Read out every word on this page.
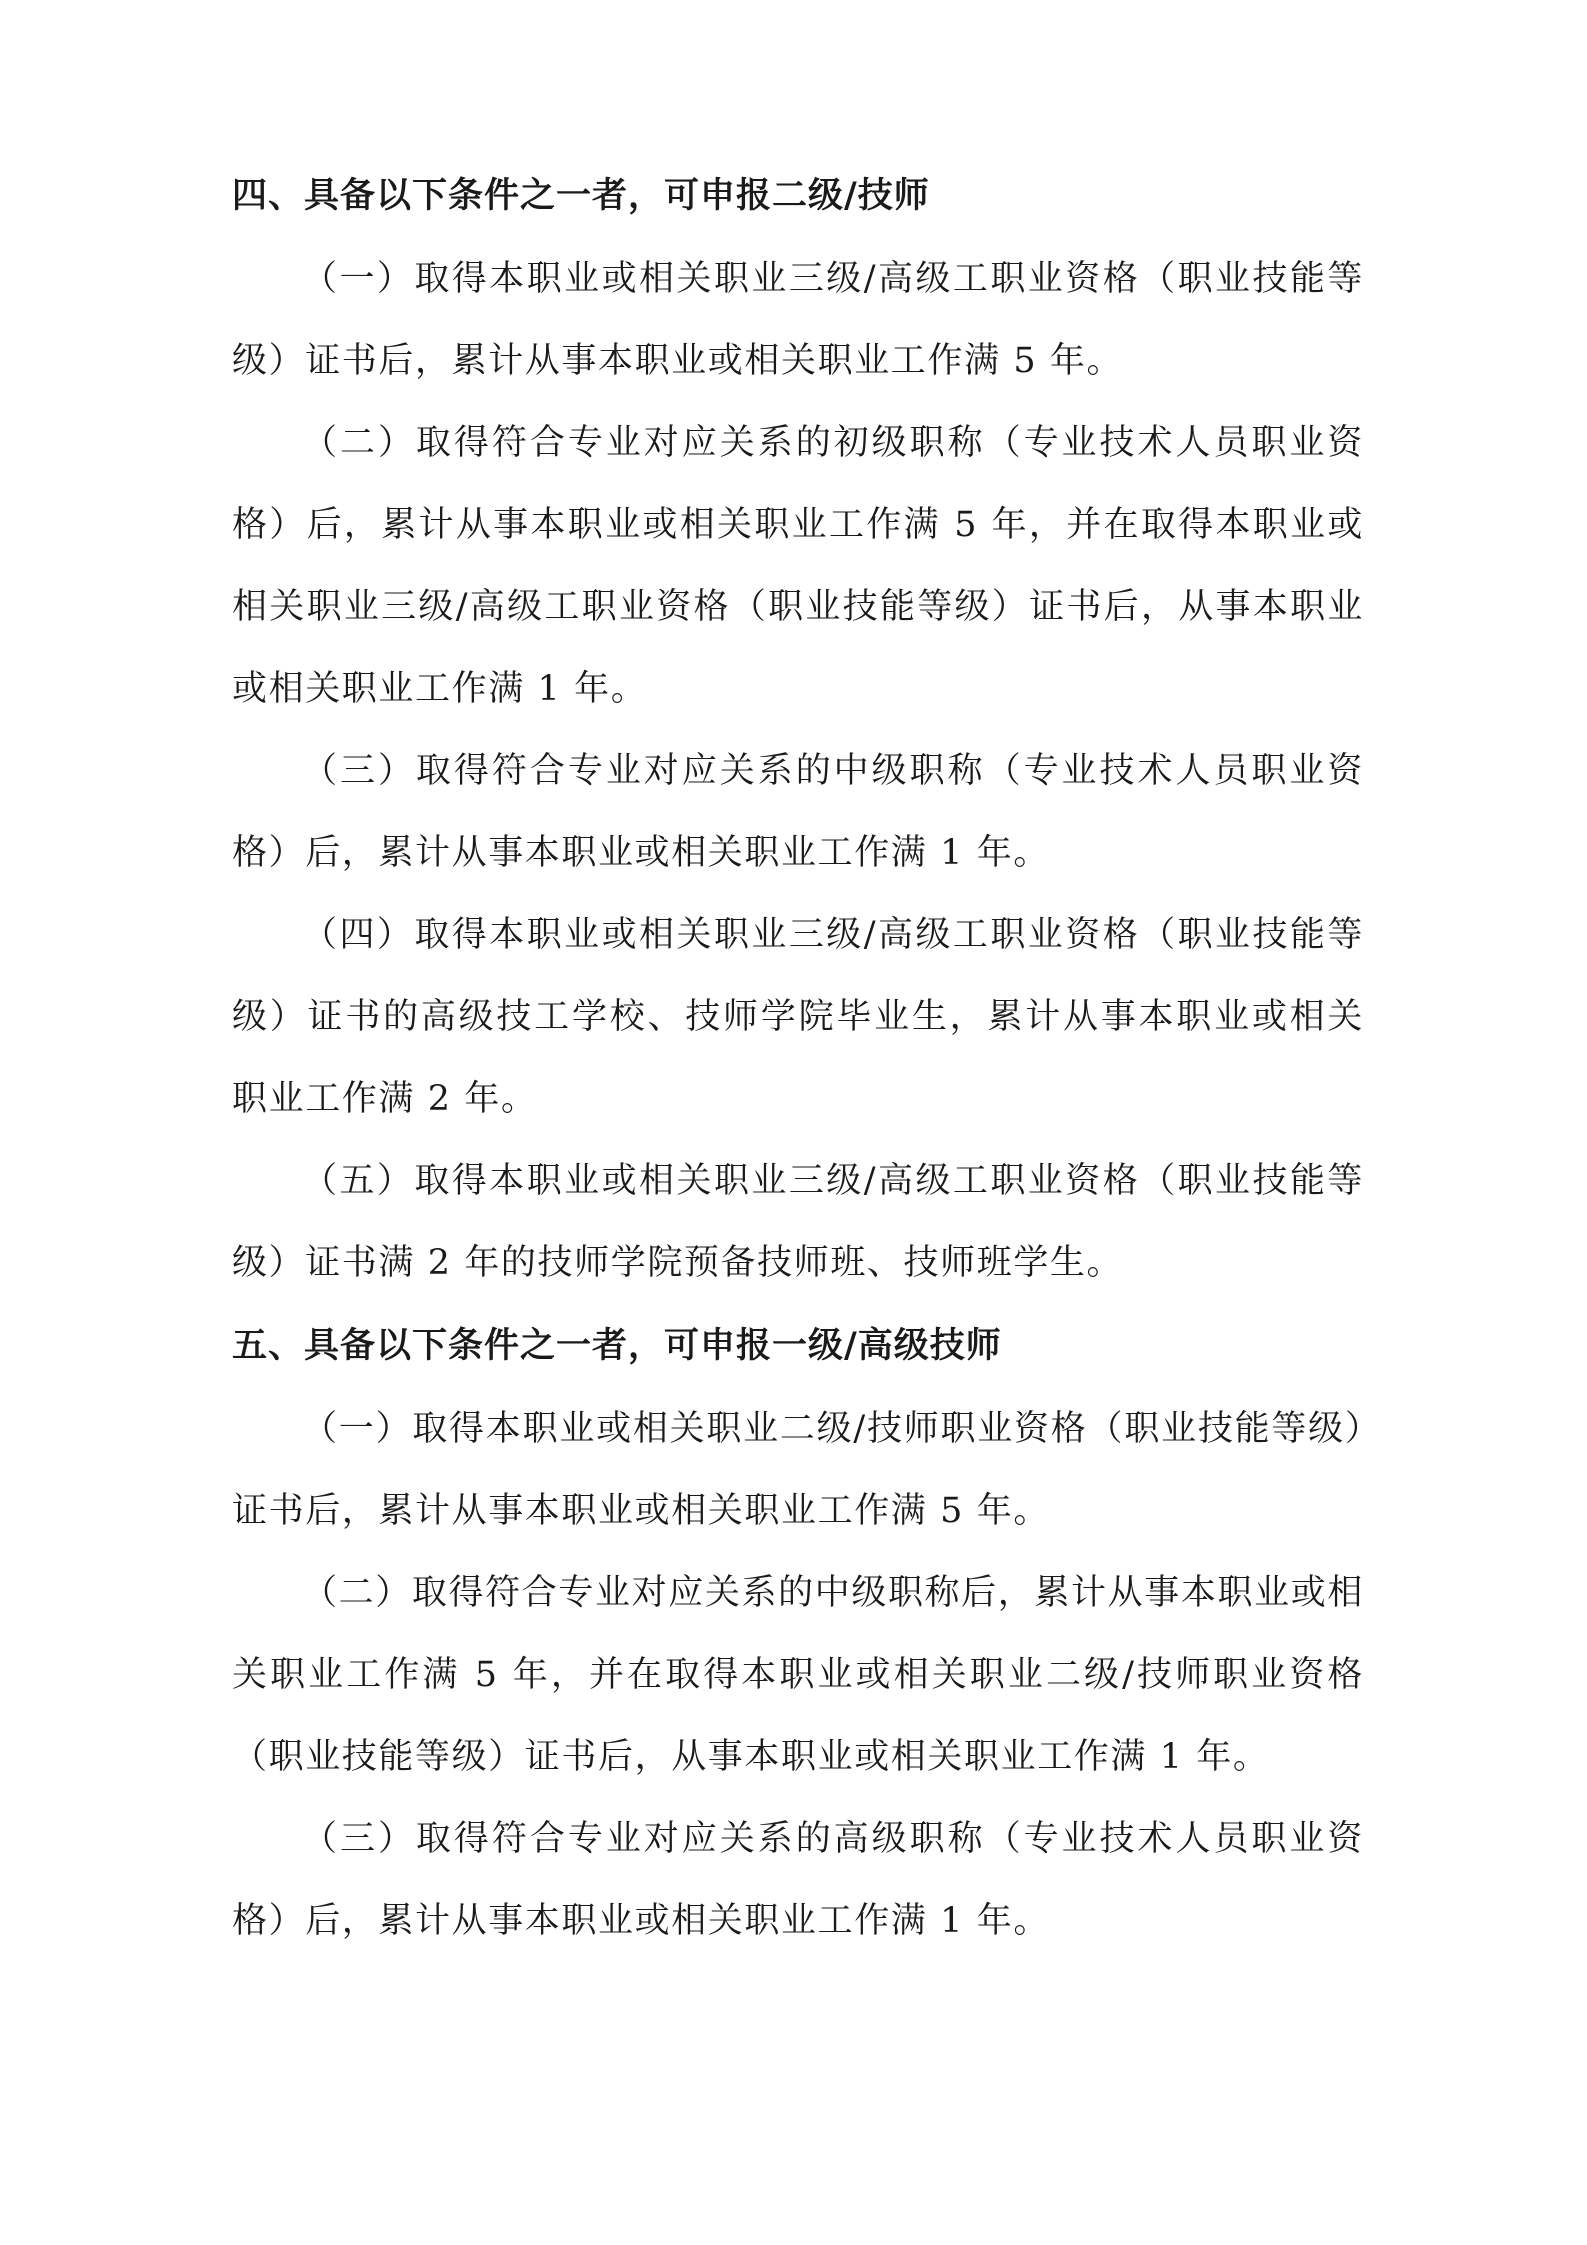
四、具备以下条件之一者，可申报二级/技师

（一）取得本职业或相关职业三级/高级工职业资格（职业技能等级）证书后，累计从事本职业或相关职业工作满 5 年。

（二）取得符合专业对应关系的初级职称（专业技术人员职业资格）后，累计从事本职业或相关职业工作满 5 年，并在取得本职业或相关职业三级/高级工职业资格（职业技能等级）证书后，从事本职业或相关职业工作满 1 年。

（三）取得符合专业对应关系的中级职称（专业技术人员职业资格）后，累计从事本职业或相关职业工作满 1 年。

（四）取得本职业或相关职业三级/高级工职业资格（职业技能等级）证书的高级技工学校、技师学院毕业生，累计从事本职业或相关职业工作满 2 年。

（五）取得本职业或相关职业三级/高级工职业资格（职业技能等级）证书满 2 年的技师学院预备技师班、技师班学生。

五、具备以下条件之一者，可申报一级/高级技师

（一）取得本职业或相关职业二级/技师职业资格（职业技能等级）证书后，累计从事本职业或相关职业工作满 5 年。

（二）取得符合专业对应关系的中级职称后，累计从事本职业或相关职业工作满 5 年，并在取得本职业或相关职业二级/技师职业资格（职业技能等级）证书后，从事本职业或相关职业工作满 1 年。

（三）取得符合专业对应关系的高级职称（专业技术人员职业资格）后，累计从事本职业或相关职业工作满 1 年。
